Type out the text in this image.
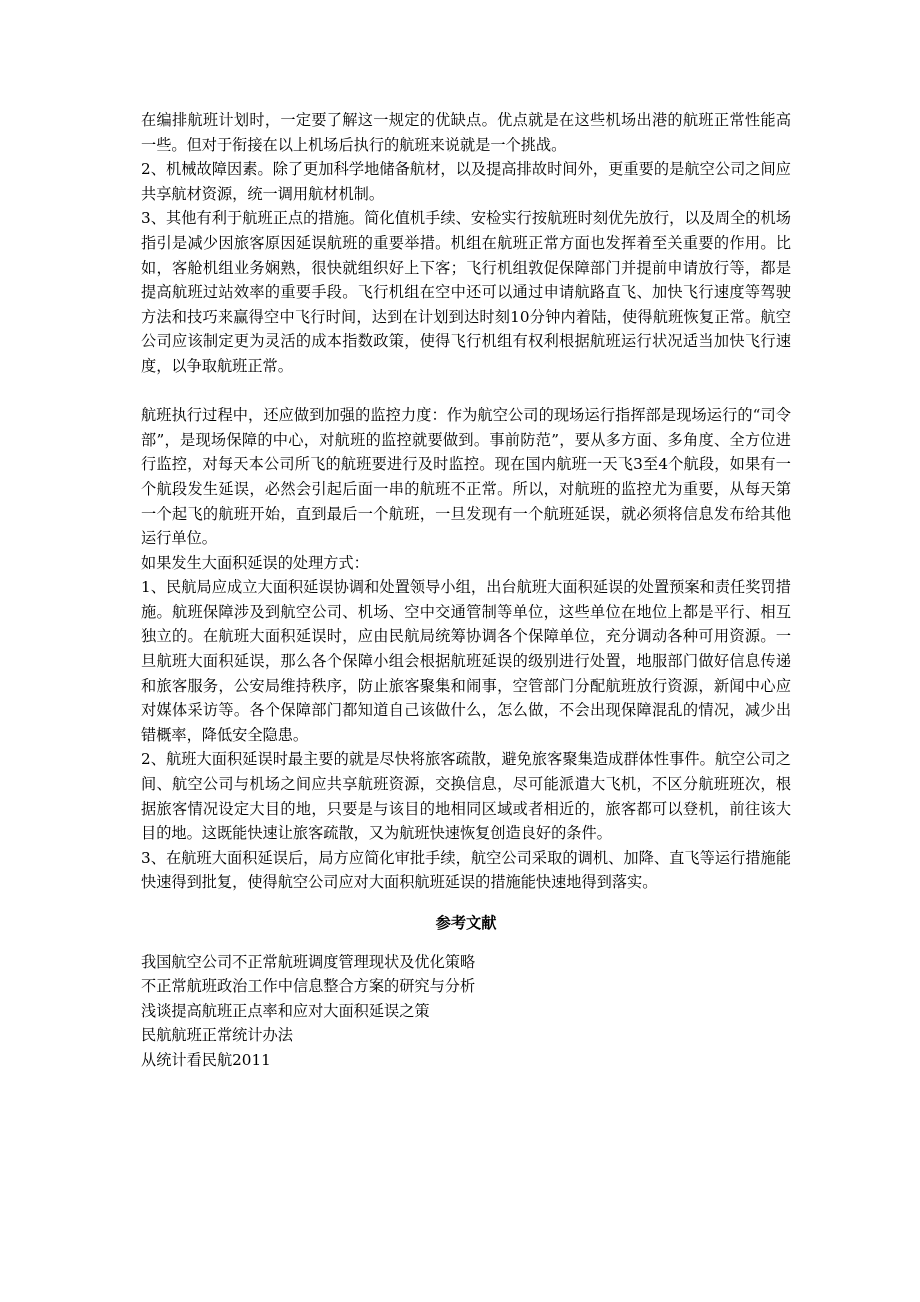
在编排航班计划时，一定要了解这一规定的优缺点。优点就是在这些机场出港的航班正常性能高一些。但对于衔接在以上机场后执行的航班来说就是一个挑战。

2、机械故障因素。除了更加科学地储备航材，以及提高排故时间外，更重要的是航空公司之间应共享航材资源，统一调用航材机制。

3、其他有利于航班正点的措施。简化值机手续、安检实行按航班时刻优先放行，以及周全的机场指引是减少因旅客原因延误航班的重要举措。机组在航班正常方面也发挥着至关重要的作用。比如，客舱机组业务娴熟，很快就组织好上下客；飞行机组敦促保障部门并提前申请放行等，都是提高航班过站效率的重要手段。飞行机组在空中还可以通过申请航路直飞、加快飞行速度等驾驶方法和技巧来赢得空中飞行时间，达到在计划到达时刻10分钟内着陆，使得航班恢复正常。航空公司应该制定更为灵活的成本指数政策，使得飞行机组有权利根据航班运行状况适当加快飞行速度，以争取航班正常。

航班执行过程中，还应做到加强的监控力度：作为航空公司的现场运行指挥部是现场运行的“司令部”，是现场保障的中心，对航班的监控就要做到。事前防范”，要从多方面、多角度、全方位进行监控，对每天本公司所飞的航班要进行及时监控。现在国内航班一天飞3至4个航段，如果有一个航段发生延误，必然会引起后面一串的航班不正常。所以，对航班的监控尤为重要，从每天第一个起飞的航班开始，直到最后一个航班，一旦发现有一个航班延误，就必须将信息发布给其他运行单位。

如果发生大面积延误的处理方式：

1、民航局应成立大面积延误协调和处置领导小组，出台航班大面积延误的处置预案和责任奖罚措施。航班保障涉及到航空公司、机场、空中交通管制等单位，这些单位在地位上都是平行、相互独立的。在航班大面积延误时，应由民航局统筹协调各个保障单位，充分调动各种可用资源。一旦航班大面积延误，那么各个保障小组会根据航班延误的级别进行处置，地服部门做好信息传递和旅客服务，公安局维持秩序，防止旅客聚集和闹事，空管部门分配航班放行资源，新闻中心应对媒体采访等。各个保障部门都知道自己该做什么，怎么做，不会出现保障混乱的情况，减少出错概率，降低安全隐患。

2、航班大面积延误时最主要的就是尽快将旅客疏散，避免旅客聚集造成群体性事件。航空公司之间、航空公司与机场之间应共享航班资源，交换信息，尽可能派遣大飞机，不区分航班班次，根据旅客情况设定大目的地，只要是与该目的地相同区域或者相近的，旅客都可以登机，前往该大目的地。这既能快速让旅客疏散，又为航班快速恢复创造良好的条件。

3、在航班大面积延误后，局方应简化审批手续，航空公司采取的调机、加降、直飞等运行措施能快速得到批复，使得航空公司应对大面积航班延误的措施能快速地得到落实。

参考文献

我国航空公司不正常航班调度管理现状及优化策略

不正常航班政治工作中信息整合方案的研究与分析

浅谈提高航班正点率和应对大面积延误之策

民航航班正常统计办法

从统计看民航2011
